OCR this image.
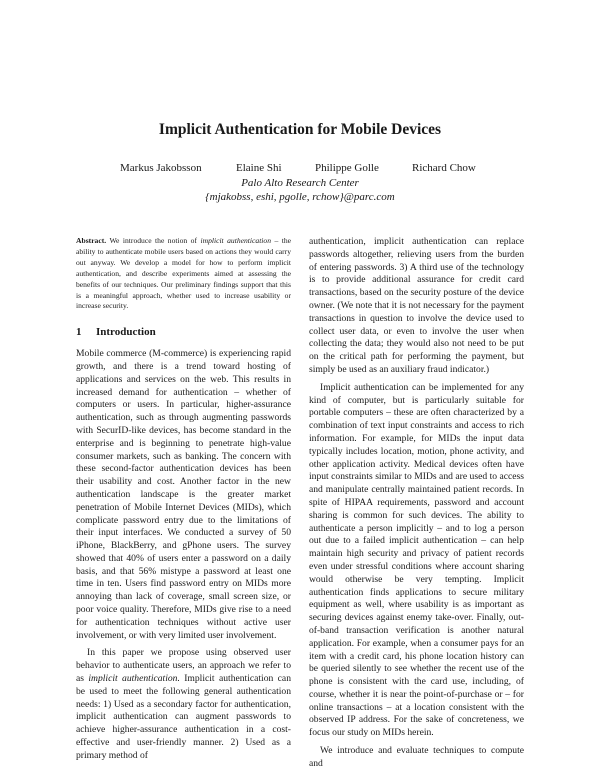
Implicit Authentication for Mobile Devices
Markus Jakobsson	Elaine Shi	Philippe Golle	Richard Chow
Palo Alto Research Center
{mjakobss, eshi, pgolle, rchow}@parc.com
Abstract. We introduce the notion of implicit authentication – the ability to authenticate mobile users based on actions they would carry out anyway. We develop a model for how to perform implicit authentication, and describe experiments aimed at assessing the benefits of our techniques. Our preliminary findings support that this is a meaningful approach, whether used to increase usability or increase security.
1 Introduction

Mobile commerce (M-commerce) is experiencing rapid growth, and there is a trend toward hosting of applications and services on the web. This results in increased demand for authentication – whether of computers or users. In particular, higher-assurance authentication, such as through augmenting passwords with SecurID-like devices, has become standard in the enterprise and is beginning to penetrate high-value consumer markets, such as banking. The concern with these second-factor authentication devices has been their usability and cost. Another factor in the new authentication landscape is the greater market penetration of Mobile Internet Devices (MIDs), which complicate password entry due to the limitations of their input interfaces. We conducted a survey of 50 iPhone, BlackBerry, and gPhone users. The survey showed that 40% of users enter a password on a daily basis, and that 56% mistype a password at least one time in ten. Users find password entry on MIDs more annoying than lack of coverage, small screen size, or poor voice quality. Therefore, MIDs give rise to a need for authentication techniques without active user involvement, or with very limited user involvement.

In this paper we propose using observed user behavior to authenticate users, an approach we refer to as implicit authentication. Implicit authentication can be used to meet the following general authentication needs: 1) Used as a secondary factor for authentication, implicit authentication can augment passwords to achieve higher-assurance authentication in a cost-effective and user-friendly manner. 2) Used as a primary method of

authentication, implicit authentication can replace passwords altogether, relieving users from the burden of entering passwords. 3) A third use of the technology is to provide additional assurance for credit card transactions, based on the security posture of the device owner. (We note that it is not necessary for the payment transactions in question to involve the device used to collect user data, or even to involve the user when collecting the data; they would also not need to be put on the critical path for performing the payment, but simply be used as an auxiliary fraud indicator.)

Implicit authentication can be implemented for any kind of computer, but is particularly suitable for portable computers – these are often characterized by a combination of text input constraints and access to rich information. For example, for MIDs the input data typically includes location, motion, phone activity, and other application activity. Medical devices often have input constraints similar to MIDs and are used to access and manipulate centrally maintained patient records. In spite of HIPAA requirements, password and account sharing is common for such devices. The ability to authenticate a person implicitly – and to log a person out due to a failed implicit authentication – can help maintain high security and privacy of patient records even under stressful conditions where account sharing would otherwise be very tempting. Implicit authentication finds applications to secure military equipment as well, where usability is as important as securing devices against enemy take-over. Finally, out-of-band transaction verification is another natural application. For example, when a consumer pays for an item with a credit card, his phone location history can be queried silently to see whether the recent use of the phone is consistent with the card use, including, of course, whether it is near the point-of-purchase or – for online transactions – at a location consistent with the observed IP address. For the sake of concreteness, we focus our study on MIDs herein.

We introduce and evaluate techniques to compute and
